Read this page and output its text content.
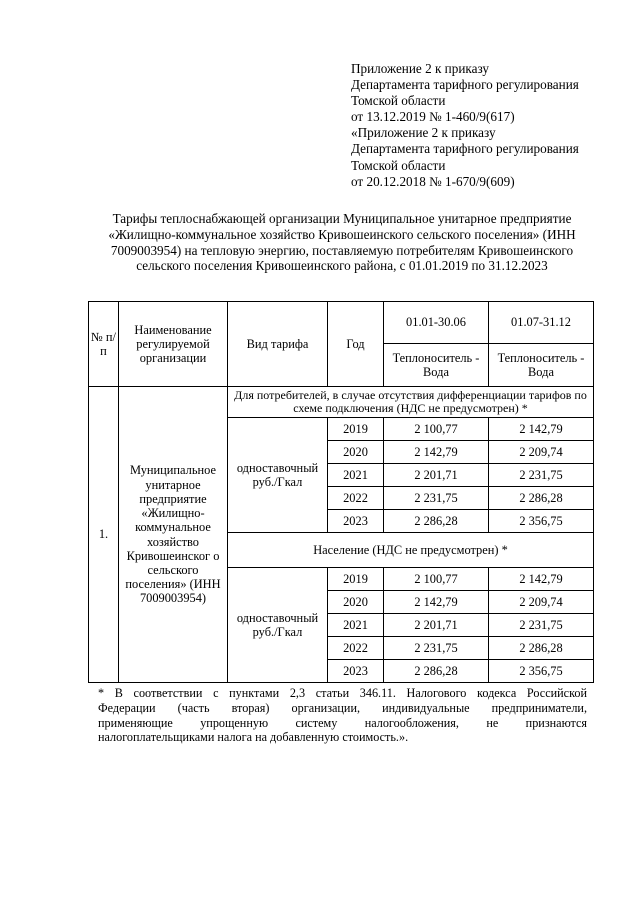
Приложение 2 к приказу
Департамента тарифного регулирования
Томской области
от 13.12.2019 № 1-460/9(617)
«Приложение 2 к приказу
Департамента тарифного регулирования
Томской области
от 20.12.2018 № 1-670/9(609)
Тарифы теплоснабжающей организации Муниципальное унитарное предприятие «Жилищно-коммунальное хозяйство Кривошеинского сельского поселения» (ИНН 7009003954) на тепловую энергию, поставляемую потребителям Кривошеинского сельского поселения Кривошеинского района, с 01.01.2019 по 31.12.2023
№ п/п	Наименование регулируемой организации	Вид тарифа	Год	01.01-30.06	01.07-31.12
				Теплоноситель - Вода	Теплоноситель - Вода
1.	Муниципальное унитарное предприятие «Жилищно-коммунальное хозяйство Кривошеинског о сельского поселения» (ИНН 7009003954)	Для потребителей, в случае отсутствия дифференциации тарифов по схеме подключения (НДС не предусмотрен) *			
		одноставочный руб./Гкал	2019	2 100,77	2 142,79
			2020	2 142,79	2 209,74
			2021	2 201,71	2 231,75
			2022	2 231,75	2 286,28
			2023	2 286,28	2 356,75
		Население (НДС не предусмотрен) *			
		одноставочный руб./Гкал	2019	2 100,77	2 142,79
			2020	2 142,79	2 209,74
			2021	2 201,71	2 231,75
			2022	2 231,75	2 286,28
			2023	2 286,28	2 356,75
* В соответствии с пунктами 2,3 статьи 346.11. Налогового кодекса Российской
Федерации (часть вторая) организации, индивидуальные предприниматели,
применяющие упрощенную систему налогообложения, не признаются
налогоплательщиками налога на добавленную стоимость.».
